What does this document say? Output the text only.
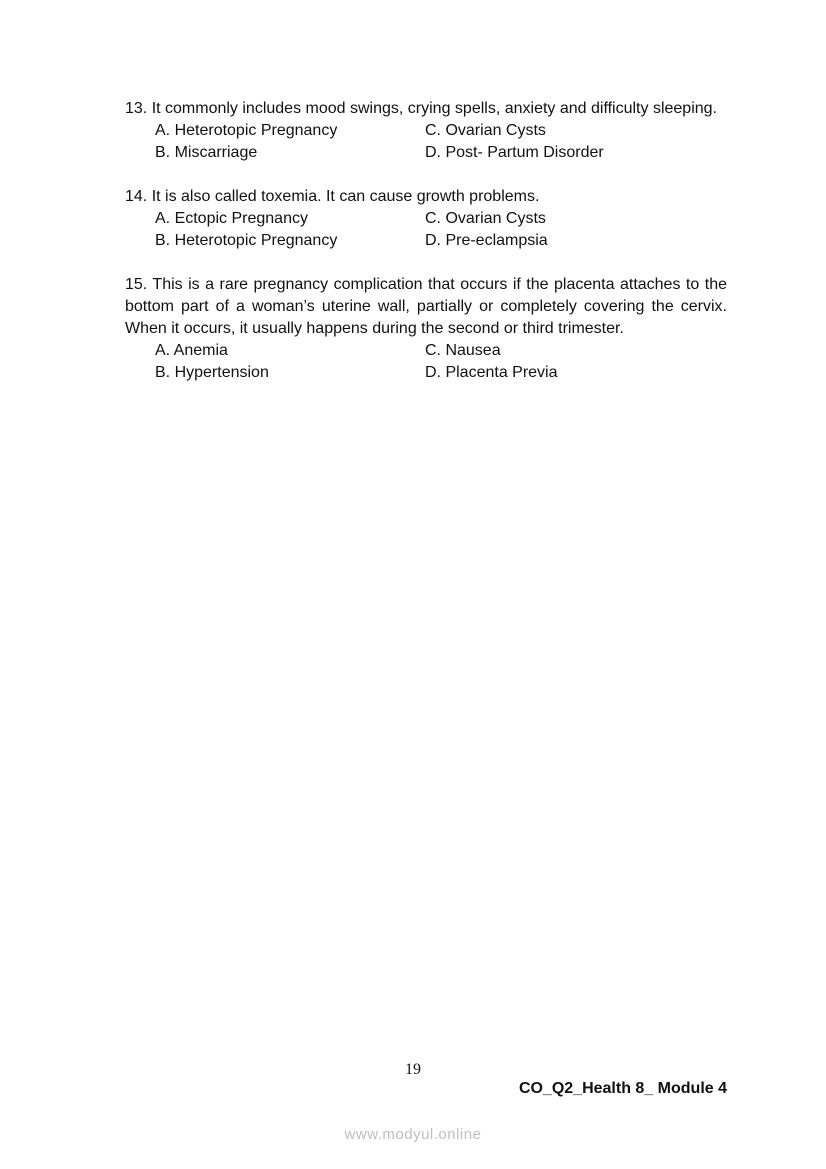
13. It commonly includes mood swings, crying spells, anxiety and difficulty sleeping.
A. Heterotopic Pregnancy	C. Ovarian Cysts
B. Miscarriage	D. Post- Partum Disorder
14. It is also called toxemia. It can cause growth problems.
A. Ectopic Pregnancy	C. Ovarian Cysts
B. Heterotopic Pregnancy	D. Pre-eclampsia
15. This is a rare pregnancy complication that occurs if the placenta attaches to the bottom part of a woman’s uterine wall, partially or completely covering the cervix. When it occurs, it usually happens during the second or third trimester.
A. Anemia	C. Nausea
B. Hypertension	D. Placenta Previa
19
CO_Q2_Health 8_ Module 4
www.modyul.online
